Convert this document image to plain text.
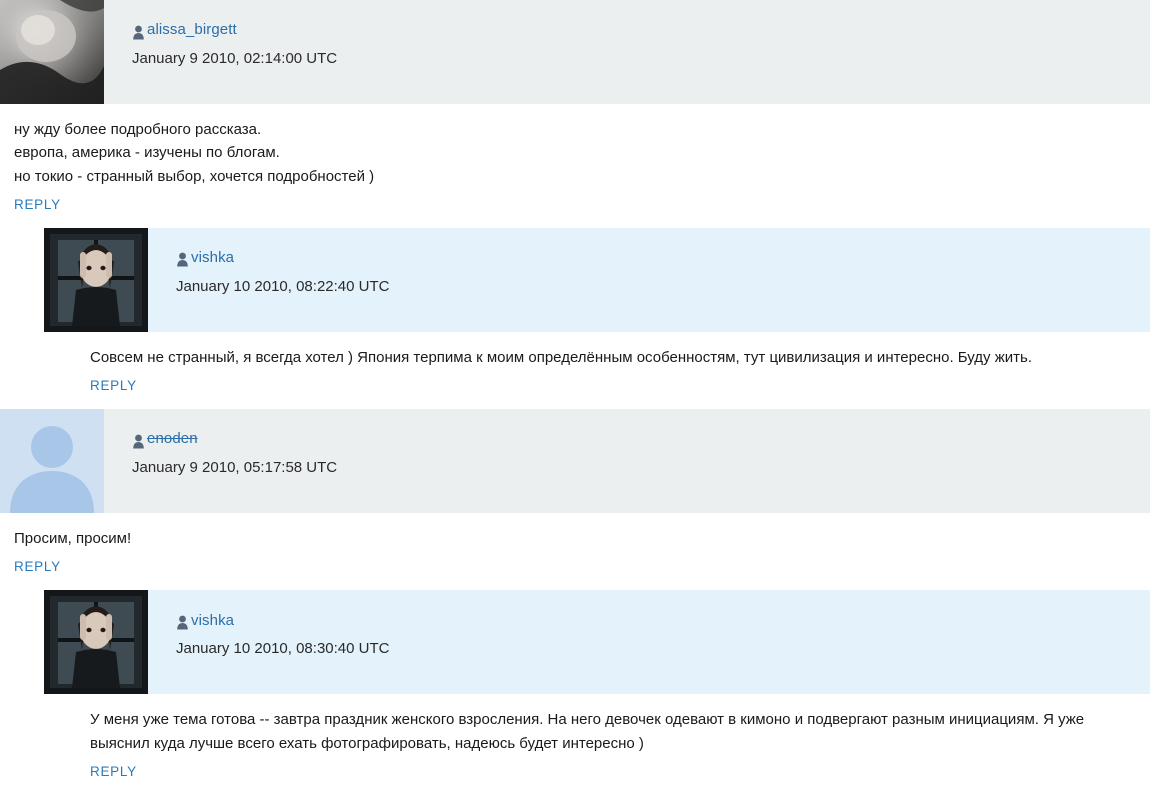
alissa_birgett
January 9 2010, 02:14:00 UTC

ну жду более подробного рассказа.

европа, америка - изучены по блогам.

но токио - странный выбор, хочется подробностей )

REPLY
vishka
January 10 2010, 08:22:40 UTC

Совсем не странный, я всегда хотел ) Япония терпима к моим определённым особенностям, тут цивилизация и интересно. Буду жить.

REPLY
enoden
January 9 2010, 05:17:58 UTC

Просим, просим!

REPLY
vishka
January 10 2010, 08:30:40 UTC

У меня уже тема готова -- завтра праздник женского взросления. На него девочек одевают в кимоно и подвергают разным инициациям. Я уже выяснил куда лучше всего ехать фотографировать, надеюсь будет интересно )

REPLY
